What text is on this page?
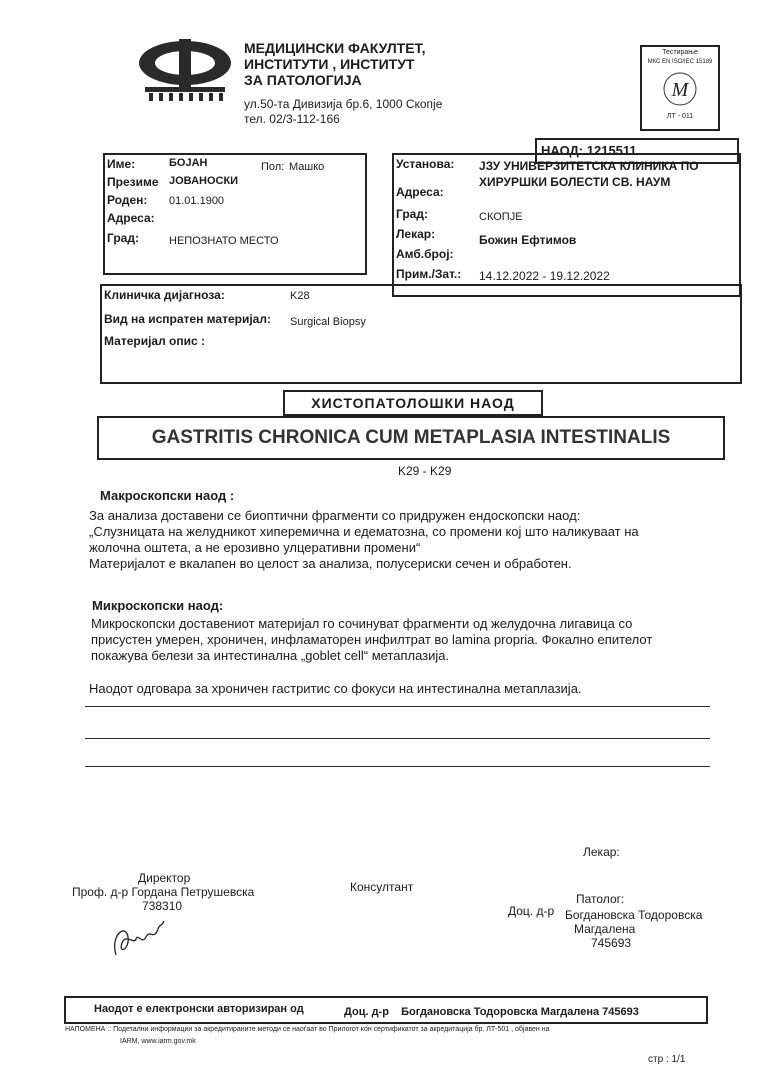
МЕДИЦИНСКИ ФАКУЛТЕТ,
ИНСТИТУТИ , ИНСТИТУТ
ЗА ПАТОЛОГИЈА
ул.50-та Дивизија бр.6, 1000 Скопје
тел. 02/3-112-166
Тестирање
МКС EN ISO/IEC 15189
M
ЛТ - 011
НАОД: 1215511
Име:	БОЈАН	Пол: Машко
Презиме ЈОВАНОСКИ
Роден: 01.01.1900
Адреса:
Град:	НЕПОЗНАТО МЕСТО
Установа: ЈЗУ УНИВЕРЗИТЕТСКА КЛИНИКА ПО
ХИРУРШКИ БОЛЕСТИ СВ. НАУМ
Адреса:
Град:	СКОПЈЕ
Лекар:	Божин Ефтимов
Амб.број:
Прим./Зат.: 14.12.2022 - 19.12.2022
Клиничка дијагноза:	K28
Вид на испратен материјал: Surgical Biopsy
Материјал опис :
ХИСТОПАТОЛОШКИ НАОД
GASTRITIS CHRONICA CUM METAPLASIA INTESTINALIS
K29 - K29
Макроскопски наод :
За анализа доставени се биоптични фрагменти со придружен ендоскопски наод:
„Слузницата на желудникот хиперемична и едематозна, со промени кој што наликуваат на
жолочна оштета, а не ерозивно улцеративни промени“
Материјалот е вкалапен во целост за анализа, полусериски сечен и обработен.
Микроскопски наод:
Микроскопски доставениот материјал го сочинуват фрагменти од желудочна лигавица со
присустен умерен, хроничен, инфламаторен инфилтрат во lamina propria. Фокално епителот
покажува белези за интестинална „goblet cell“ метаплазија.
Наодот одговара за хроничен гастритис со фокуси на интестинална метаплазија.
Директор
Проф. д-р Гордана Петрушевска
738310
Консултант
Лекар:
Патолог:
Доц. д-р Богдановска Тодоровска
Магдалена
745693
Наодот е електронски авторизиран од	Доц. д-р    Богдановска Тодоровска Магдалена 745693
НАПОМЕНА :: Подетални информации за акредитираните методи се наоѓаат во Прилогот кон сертификатот за акредитација бр. ЛТ-501 , објавен на
IARM, www.iarm.gov.mk
стр : 1/1
